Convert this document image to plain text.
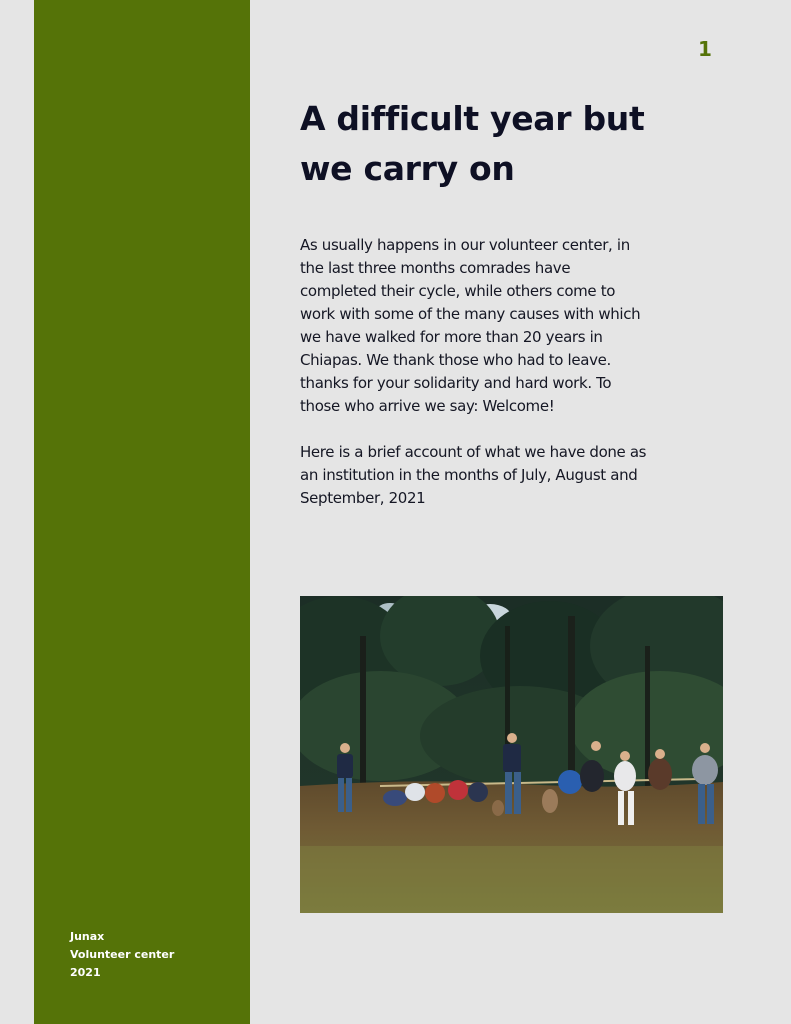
Junax
Volunteer center
2021
1
A difficult year but
we carry on

As usually happens in our volunteer center, in
the last three months comrades have
completed their cycle, while others come to
work with some of the many causes with which
we have walked for more than 20 years in
Chiapas. We thank those who had to leave.
thanks for your solidarity and hard work. To
those who arrive we say: Welcome!

Here is a brief account of what we have done as
an institution in the months of July, August and
September, 2021
